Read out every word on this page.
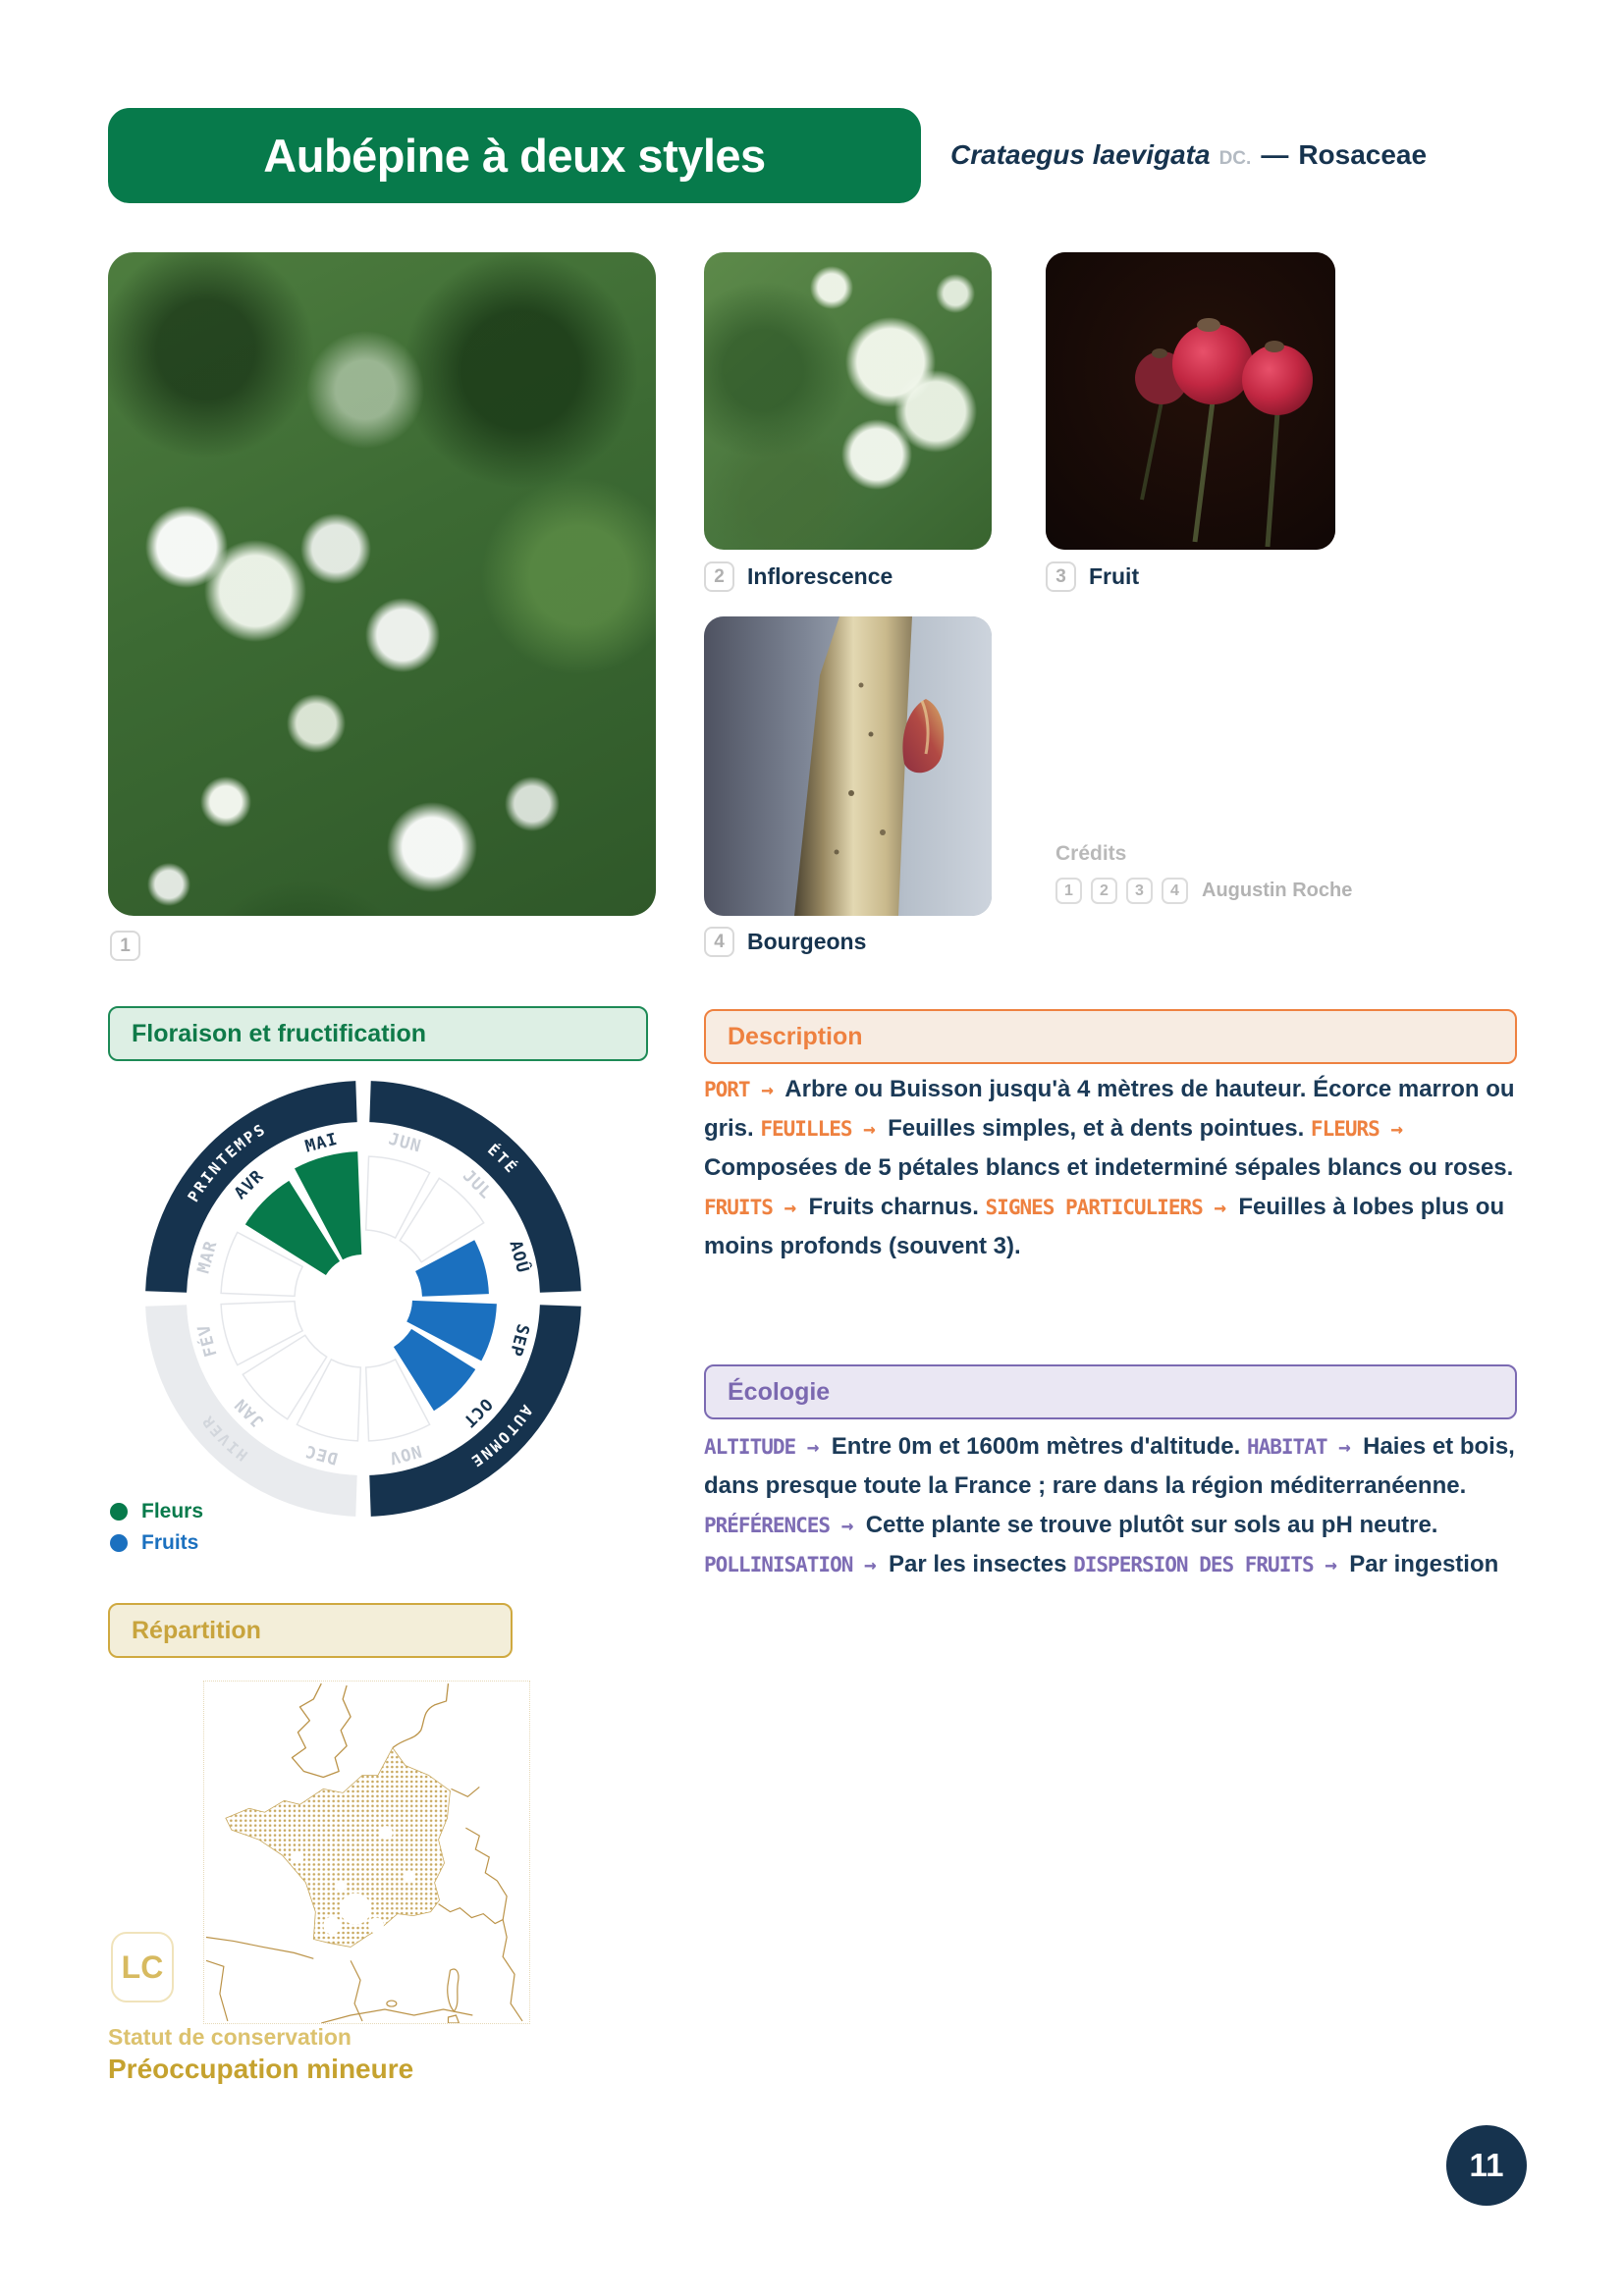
Aubépine à deux styles	Crataegus laevigata DC. — Rosaceae
1
2	Inflorescence	3	Fruit
4	Bourgeons

Crédits

1	2	3	4	Augustin Roche
Floraison et fructification	Description
Répartition
Écologie
PRINTEMPS
ÉTÉ
AUTOMNE
HIVER JAN
FÉV
MAR
AVR
MAI	JUN
JUL
AOÛ
SEP
OCT
NOV
DEC
Fleurs
Fruits

PORT →  Arbre ou Buisson jusqu'à 4 mètres de hauteur. Écorce marron ou gris. FEUILLES →  Feuilles simples, et à dents pointues. FLEURS →  Composées de 5 pétales blancs et indeterminé sépales blancs ou roses. FRUITS →  Fruits charnus. SIGNES PARTICULIERS →  Feuilles à lobes plus ou moins profonds (souvent 3).

ALTITUDE →  Entre 0m et 1600m mètres d'altitude. HABITAT →  Haies et bois, dans presque toute la France ; rare dans la région méditerranéenne. PRÉFÉRENCES →  Cette plante se trouve plutôt sur sols au pH neutre. POLLINISATION →  Par les insectes DISPERSION DES FRUITS →  Par ingestion

LC
Statut de conservation
Préoccupation mineure
11
